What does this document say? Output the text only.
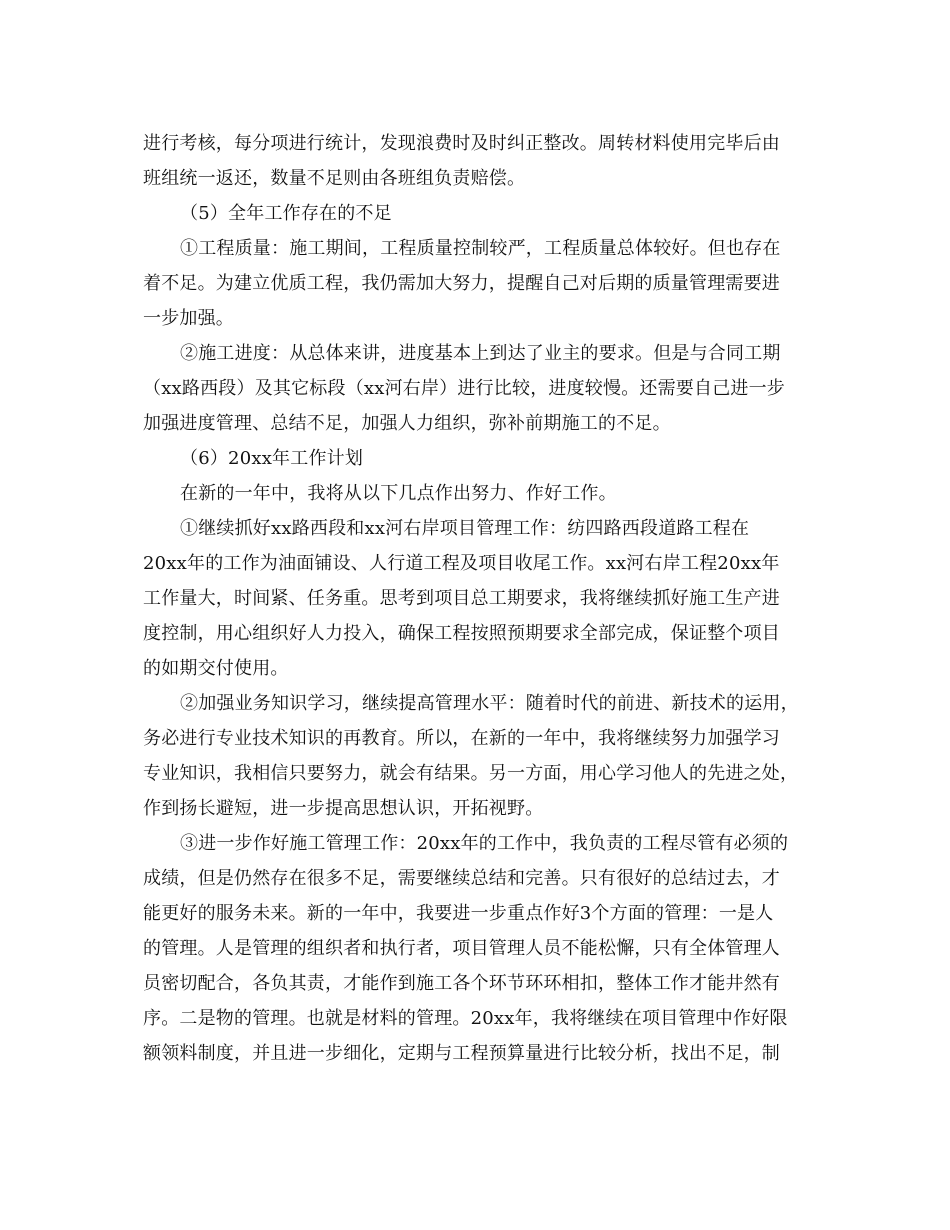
进行考核，每分项进行统计，发现浪费时及时纠正整改。周转材料使用完毕后由
班组统一返还，数量不足则由各班组负责赔偿。
（5）全年工作存在的不足
①工程质量：施工期间，工程质量控制较严，工程质量总体较好。但也存在
着不足。为建立优质工程，我仍需加大努力，提醒自己对后期的质量管理需要进
一步加强。
②施工进度：从总体来讲，进度基本上到达了业主的要求。但是与合同工期
（xx路西段）及其它标段（xx河右岸）进行比较，进度较慢。还需要自己进一步
加强进度管理、总结不足，加强人力组织，弥补前期施工的不足。
（6）20xx年工作计划
在新的一年中，我将从以下几点作出努力、作好工作。
①继续抓好xx路西段和xx河右岸项目管理工作：纺四路西段道路工程在
20xx年的工作为油面铺设、人行道工程及项目收尾工作。xx河右岸工程20xx年
工作量大，时间紧、任务重。思考到项目总工期要求，我将继续抓好施工生产进
度控制，用心组织好人力投入，确保工程按照预期要求全部完成，保证整个项目
的如期交付使用。
②加强业务知识学习，继续提高管理水平：随着时代的前进、新技术的运用，
务必进行专业技术知识的再教育。所以，在新的一年中，我将继续努力加强学习
专业知识，我相信只要努力，就会有结果。另一方面，用心学习他人的先进之处，
作到扬长避短，进一步提高思想认识，开拓视野。
③进一步作好施工管理工作：20xx年的工作中，我负责的工程尽管有必须的
成绩，但是仍然存在很多不足，需要继续总结和完善。只有很好的总结过去，才
能更好的服务未来。新的一年中，我要进一步重点作好3个方面的管理：一是人
的管理。人是管理的组织者和执行者，项目管理人员不能松懈，只有全体管理人
员密切配合，各负其责，才能作到施工各个环节环环相扣，整体工作才能井然有
序。二是物的管理。也就是材料的管理。20xx年，我将继续在项目管理中作好限
额领料制度，并且进一步细化，定期与工程预算量进行比较分析，找出不足，制
